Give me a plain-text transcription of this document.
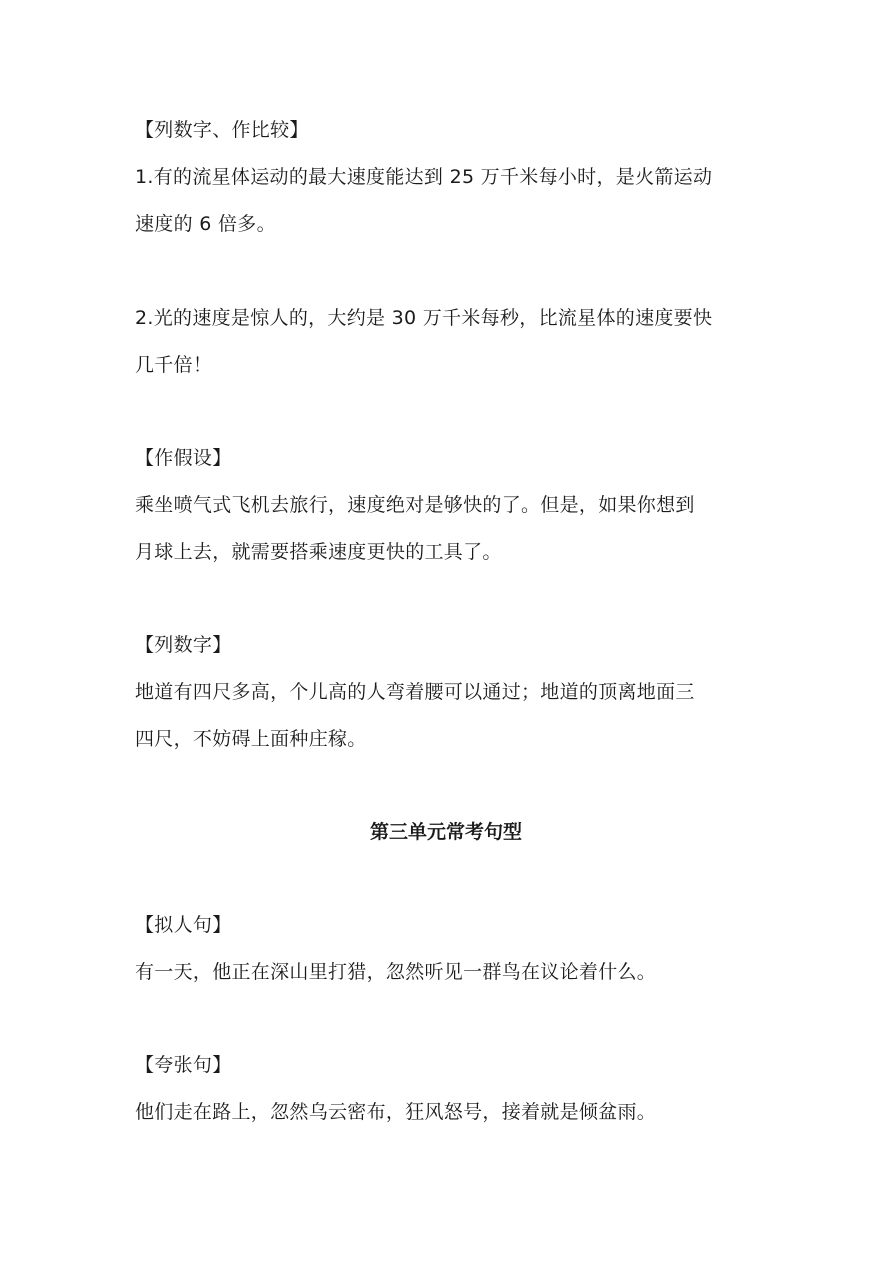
【列数字、作比较】
1.有的流星体运动的最大速度能达到 25 万千米每小时，是火箭运动
速度的 6 倍多。
2.光的速度是惊人的，大约是 30 万千米每秒，比流星体的速度要快
几千倍！
【作假设】
乘坐喷气式飞机去旅行，速度绝对是够快的了。但是，如果你想到
月球上去，就需要搭乘速度更快的工具了。
【列数字】
地道有四尺多高，个儿高的人弯着腰可以通过；地道的顶离地面三
四尺，不妨碍上面种庄稼。
第三单元常考句型
【拟人句】
有一天，他正在深山里打猎，忽然听见一群鸟在议论着什么。
【夸张句】
他们走在路上，忽然乌云密布，狂风怒号，接着就是倾盆雨。
